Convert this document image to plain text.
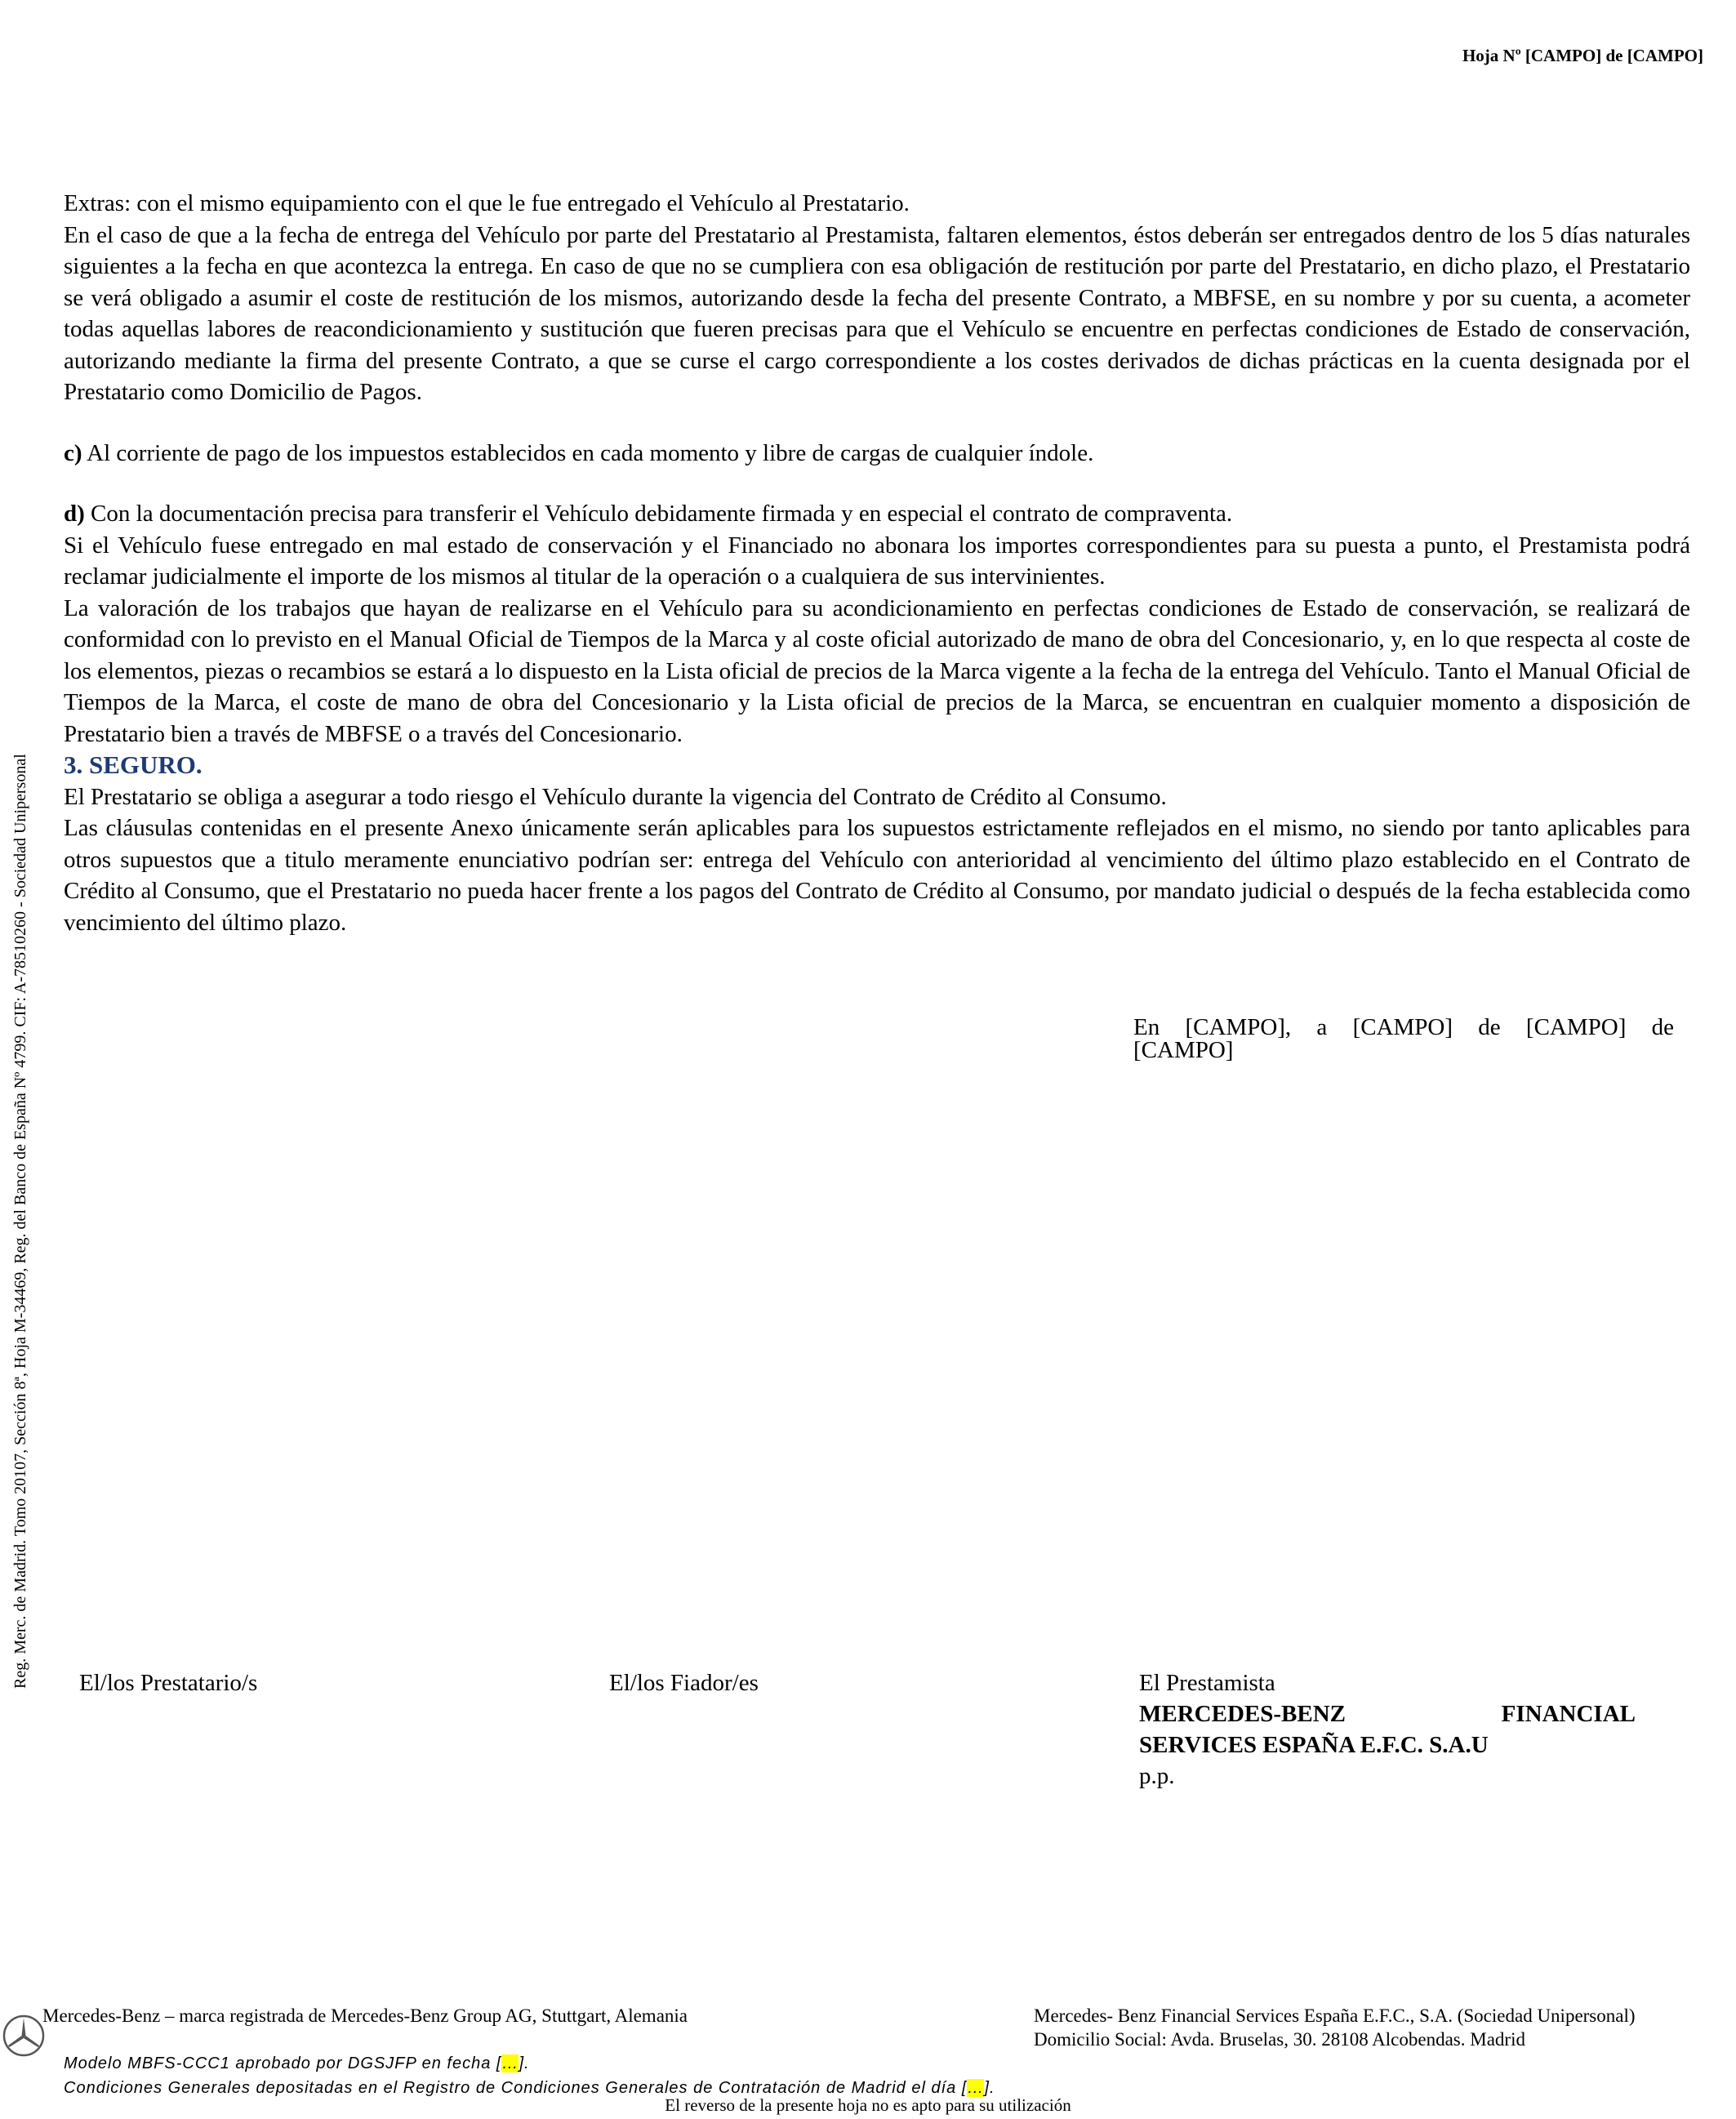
Hoja Nº [CAMPO] de [CAMPO]
Reg. Merc. de Madrid. Tomo 20107, Sección 8ª, Hoja M-34469, Reg. del Banco de España Nº 4799. CIF: A-78510260 - Sociedad Unipersonal

Extras: con el mismo equipamiento con el que le fue entregado el Vehículo al Prestatario.

En el caso de que a la fecha de entrega del Vehículo por parte del Prestatario al Prestamista, faltaren elementos, éstos deberán ser entregados dentro de los 5 días naturales siguientes a la fecha en que acontezca la entrega. En caso de que no se cumpliera con esa obligación de restitución por parte del Prestatario, en dicho plazo, el Prestatario se verá obligado a asumir el coste de restitución de los mismos, autorizando desde la fecha del presente Contrato, a MBFSE, en su nombre y por su cuenta, a acometer todas aquellas labores de reacondicionamiento y sustitución que fueren precisas para que el Vehículo se encuentre en perfectas condiciones de Estado de conservación, autorizando mediante la firma del presente Contrato, a que se curse el cargo correspondiente a los costes derivados de dichas prácticas en la cuenta designada por el Prestatario como Domicilio de Pagos.

c) Al corriente de pago de los impuestos establecidos en cada momento y libre de cargas de cualquier índole.

d) Con la documentación precisa para transferir el Vehículo debidamente firmada y en especial el contrato de compraventa.

Si el Vehículo fuese entregado en mal estado de conservación y el Financiado no abonara los importes correspondientes para su puesta a punto, el Prestamista podrá reclamar judicialmente el importe de los mismos al titular de la operación o a cualquiera de sus intervinientes.

La valoración de los trabajos que hayan de realizarse en el Vehículo para su acondicionamiento en perfectas condiciones de Estado de conservación, se realizará de conformidad con lo previsto en el Manual Oficial de Tiempos de la Marca y al coste oficial autorizado de mano de obra del Concesionario, y, en lo que respecta al coste de los elementos, piezas o recambios se estará a lo dispuesto en la Lista oficial de precios de la Marca vigente a la fecha de la entrega del Vehículo. Tanto el Manual Oficial de Tiempos de la Marca, el coste de mano de obra del Concesionario y la Lista oficial de precios de la Marca, se encuentran en cualquier momento a disposición de Prestatario bien a través de MBFSE o a través del Concesionario.

3. SEGURO.

El Prestatario se obliga a asegurar a todo riesgo el Vehículo durante la vigencia del Contrato de Crédito al Consumo.

Las cláusulas contenidas en el presente Anexo únicamente serán aplicables para los supuestos estrictamente reflejados en el mismo, no siendo por tanto aplicables para otros supuestos que a titulo meramente enunciativo podrían ser: entrega del Vehículo con anterioridad al vencimiento del último plazo establecido en el Contrato de Crédito al Consumo, que el Prestatario no pueda hacer frente a los pagos del Contrato de Crédito al Consumo, por mandato judicial o después de la fecha establecida como vencimiento del último plazo.

En [CAMPO], a [CAMPO] de [CAMPO] de
[CAMPO]
El/los Prestatario/s	El/los Fiador/es	El Prestamista
MERCEDES-BENZ FINANCIAL
SERVICES ESPAÑA E.F.C. S.A.U
p.p.
Mercedes-Benz – marca registrada de Mercedes-Benz Group AG, Stuttgart, Alemania	Mercedes- Benz Financial Services España E.F.C., S.A. (Sociedad Unipersonal)
Domicilio Social: Avda. Bruselas, 30. 28108 Alcobendas. Madrid
Modelo MBFS-CCC1 aprobado por DGSJFP en fecha […].
Condiciones Generales depositadas en el Registro de Condiciones Generales de Contratación de Madrid el día […].
El reverso de la presente hoja no es apto para su utilización
